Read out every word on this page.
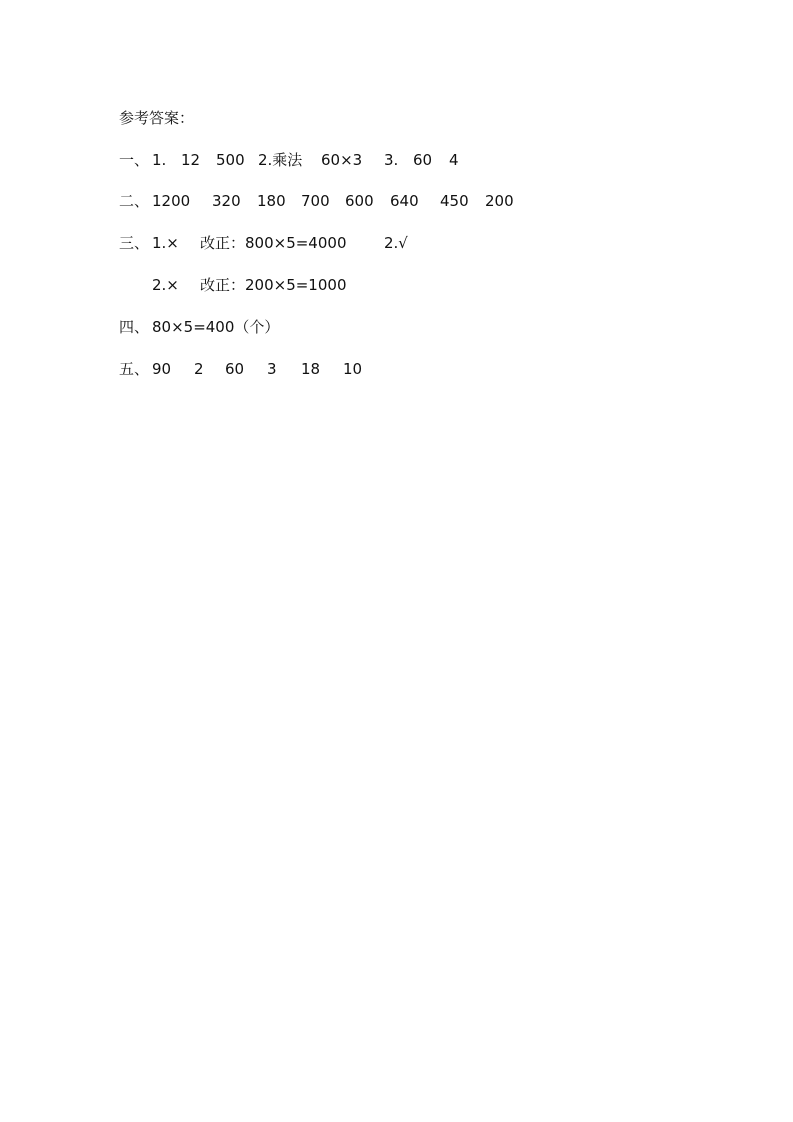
参考答案：
一、 1. 12 500 2.乘法 60×3 3. 60 4
二、 1200 320 180 700 600 640 450 200
三、 1.× 改正：800×5=4000	2.√
2.× 改正：200×5=1000
四、 80×5=400（个）
五、 90 2 60 3 18 10
